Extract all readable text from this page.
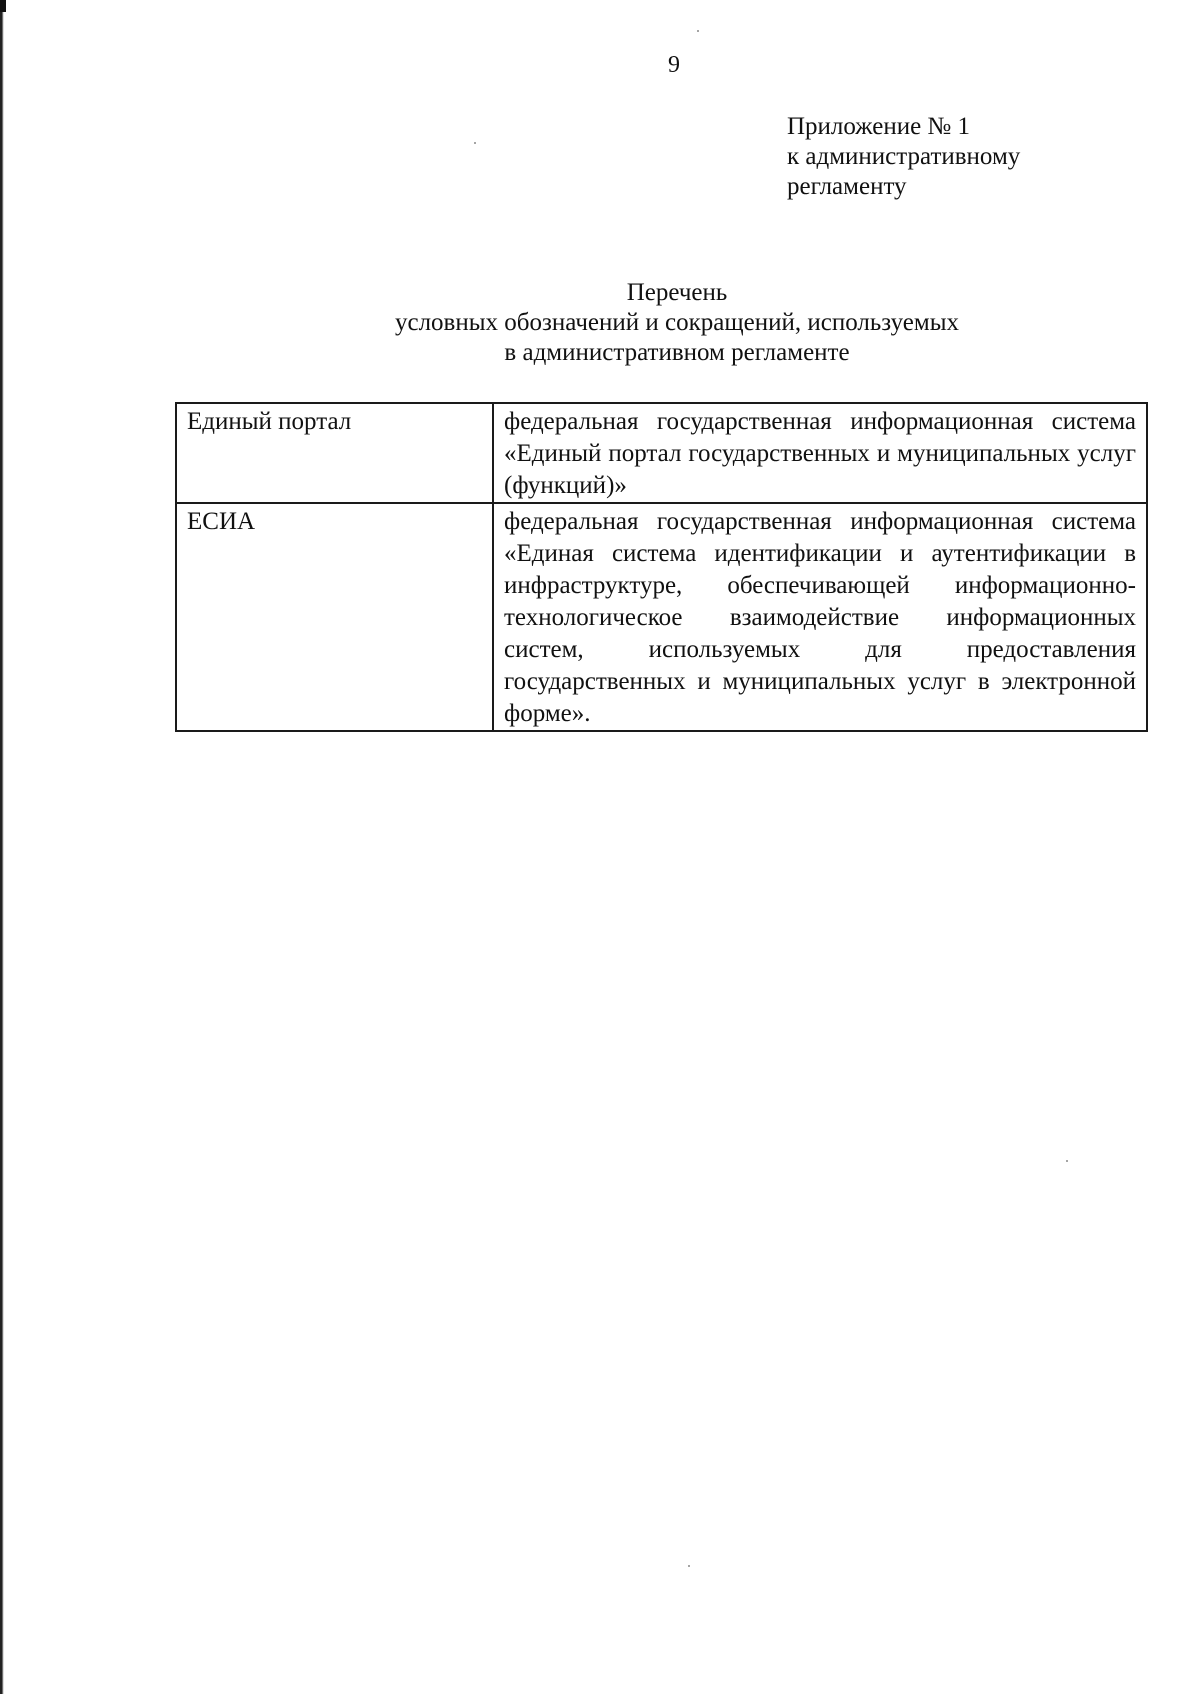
9
Приложение № 1
к административному
регламенту
Перечень
условных обозначений и сокращений, используемых
в административном регламенте
Единый портал	федеральная государственная информационная система «Единый портал государственных и муниципальных услуг (функций)»
ЕСИА	федеральная государственная информационная система «Единая система идентификации и аутентификации в инфраструктуре, обеспечивающей информационно-технологическое взаимодействие информационных систем, используемых для предоставления государственных и муниципальных услуг в электронной форме».
